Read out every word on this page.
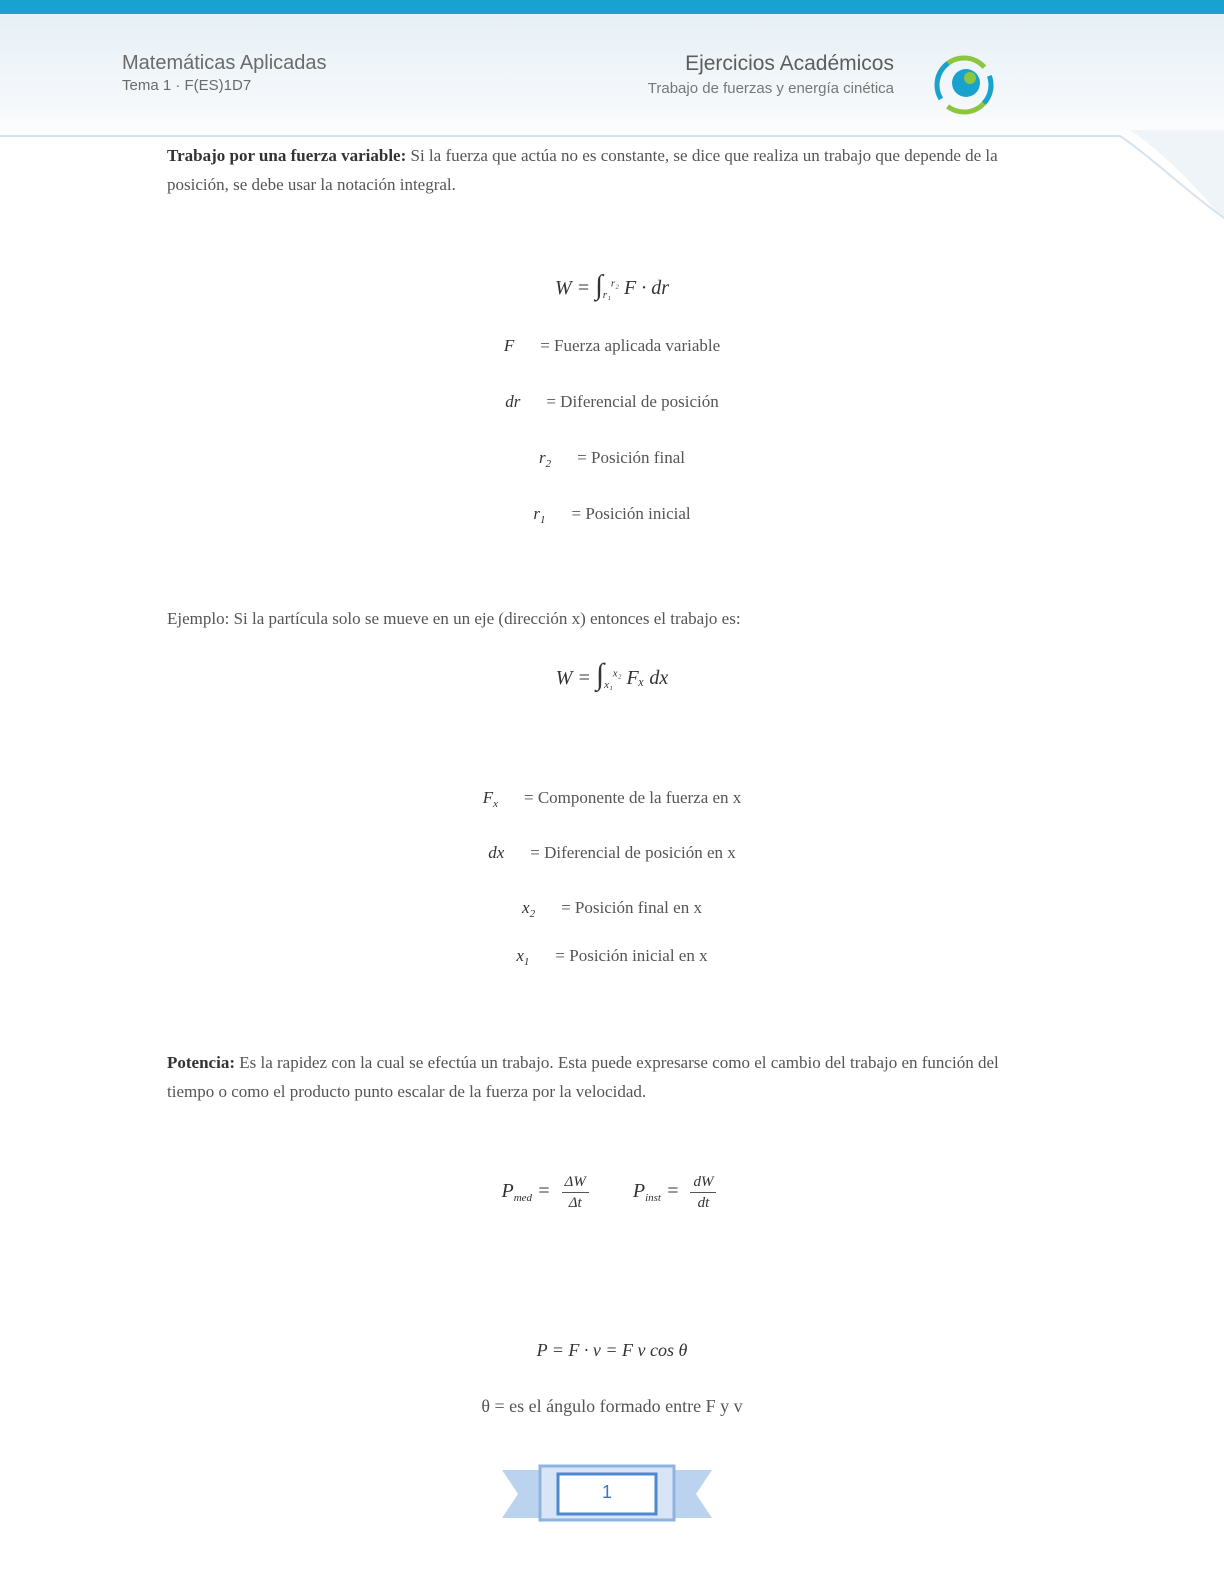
Matemáticas Aplicadas
Tema 1 · F(ES)1D7
Ejercicios Académicos
Trabajo de fuerzas y energía cinética
Trabajo por una fuerza variable: Si la fuerza que actúa no es constante, se dice que realiza un trabajo que depende de la posición, se debe usar la notación integral.
$W = \int_{r_1}^{r_2}$ F · dr
F = Fuerza aplicada variable
dr = Diferencial de posición
$r_2$ = Posición final
$r_1$ = Posición inicial
Ejemplo: Si la partícula solo se mueve en un eje (dirección x) entonces el trabajo es:
$W = \int_{x_1}^{x_2}$ Fₓ dx
$F_x$ = Componente de la fuerza en x
dx = Diferencial de posición en x
$x_2$ = Posición final en x
$x_1$ = Posición inicial en x
Potencia: Es la rapidez con la cual se efectúa un trabajo. Esta puede expresarse como el cambio del trabajo en función del tiempo o como el producto punto escalar de la fuerza por la velocidad.
$P_{med} = \frac{\Delta W}{\Delta t} P_{inst} = \frac{dW}{dt}$
P = F · v = F v cos θ
θ = es el ángulo formado entre F y v
1
